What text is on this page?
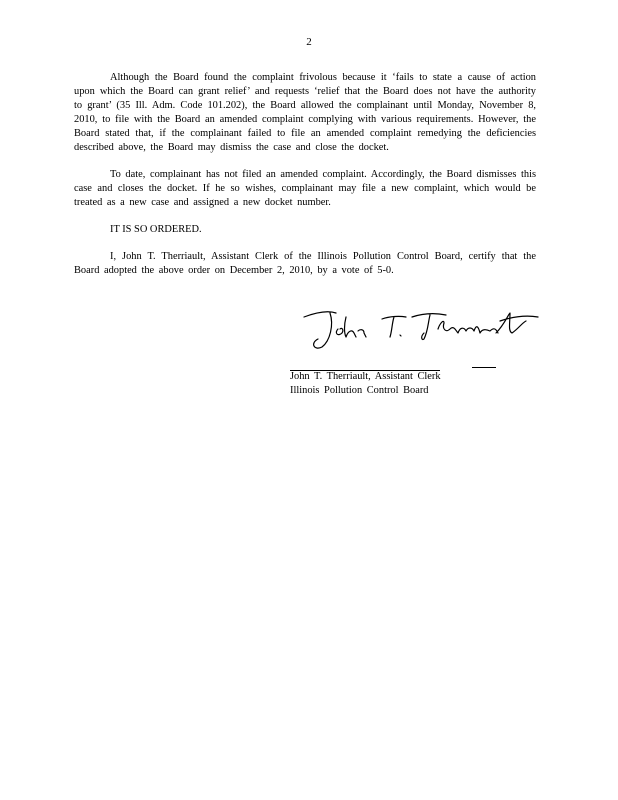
2

Although the Board found the complaint frivolous because it ‘fails to state a cause of action upon which the Board can grant relief’ and requests ‘relief that the Board does not have the authority to grant’ (35 Ill. Adm. Code 101.202), the Board allowed the complainant until Monday, November 8, 2010, to file with the Board an amended complaint complying with various requirements. However, the Board stated that, if the complainant failed to file an amended complaint remedying the deficiencies described above, the Board may dismiss the case and close the docket.

To date, complainant has not filed an amended complaint. Accordingly, the Board dismisses this case and closes the docket. If he so wishes, complainant may file a new complaint, which would be treated as a new case and assigned a new docket number.

IT IS SO ORDERED.

I, John T. Therriault, Assistant Clerk of the Illinois Pollution Control Board, certify that the Board adopted the above order on December 2, 2010, by a vote of 5-0.

John T. Therriault, Assistant Clerk
Illinois Pollution Control Board
